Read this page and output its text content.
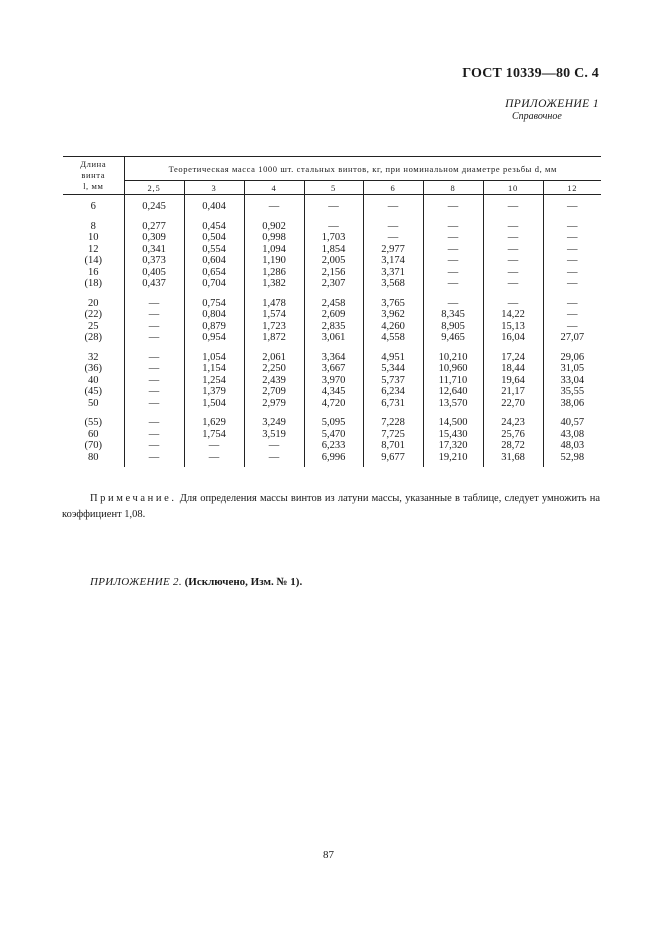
ГОСТ 10339—80 С. 4
ПРИЛОЖЕНИЕ 1
Справочное
Длина
винта
l, мм	Теоретическая масса 1000 шт. стальных винтов, кг, при номинальном диаметре резьбы d, мм							
	2,5	3	4	5	6	8	10	12
6	0,245	0,404	—	—	—	—	—	—
8	0,277	0,454	0,902	—	—	—	—	—
10	0,309	0,504	0,998	1,703	—	—	—	—
12	0,341	0,554	1,094	1,854	2,977	—	—	—
(14)	0,373	0,604	1,190	2,005	3,174	—	—	—
16	0,405	0,654	1,286	2,156	3,371	—	—	—
(18)	0,437	0,704	1,382	2,307	3,568	—	—	—
20	—	0,754	1,478	2,458	3,765	—	—	—
(22)	—	0,804	1,574	2,609	3,962	8,345	14,22	—
25	—	0,879	1,723	2,835	4,260	8,905	15,13	—
(28)	—	0,954	1,872	3,061	4,558	9,465	16,04	27,07
32	—	1,054	2,061	3,364	4,951	10,210	17,24	29,06
(36)	—	1,154	2,250	3,667	5,344	10,960	18,44	31,05
40	—	1,254	2,439	3,970	5,737	11,710	19,64	33,04
(45)	—	1,379	2,709	4,345	6,234	12,640	21,17	35,55
50	—	1,504	2,979	4,720	6,731	13,570	22,70	38,06
(55)	—	1,629	3,249	5,095	7,228	14,500	24,23	40,57
60	—	1,754	3,519	5,470	7,725	15,430	25,76	43,08
(70)	—	—	—	6,233	8,701	17,320	28,72	48,03
80	—	—	—	6,996	9,677	19,210	31,68	52,98
Примечание. Для определения массы винтов из латуни массы, указанные в таблице, следует умножить на коэффициент 1,08.
ПРИЛОЖЕНИЕ 2. (Исключено, Изм. № 1).
87
